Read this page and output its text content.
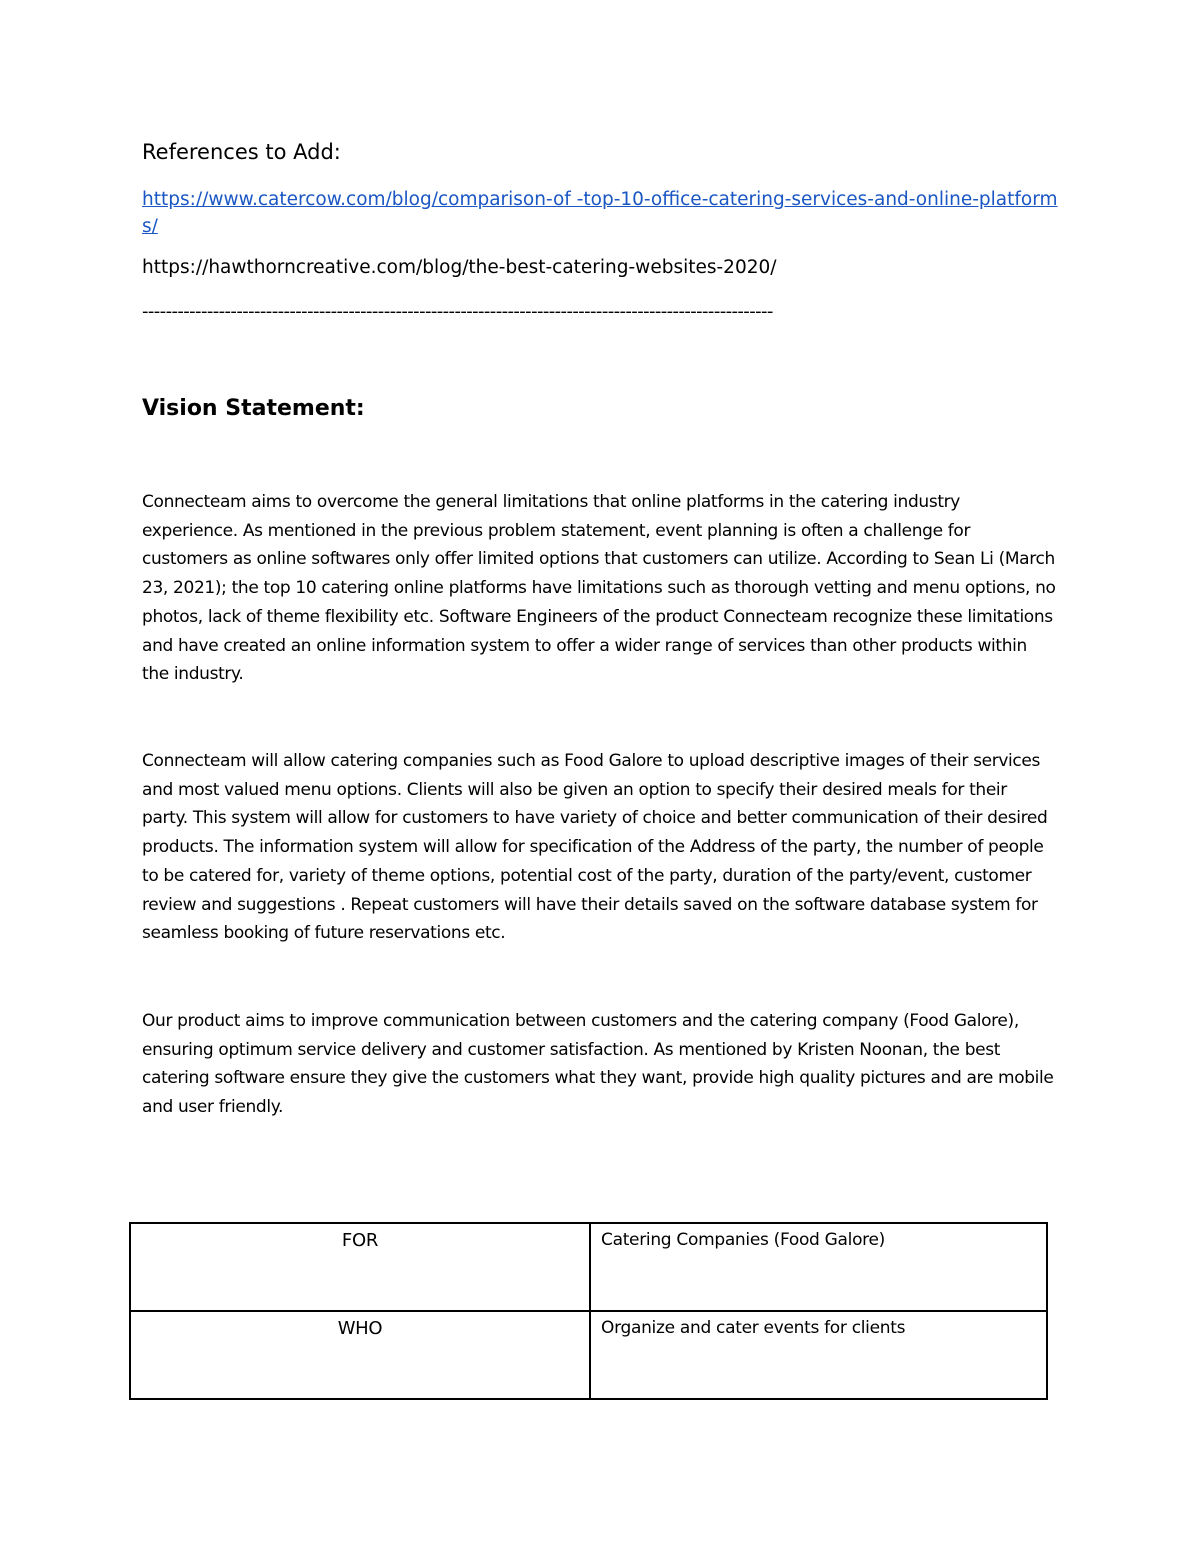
References to Add:
https://www.catercow.com/blog/comparison-of -top-10-office-catering-services-and-online-platforms/
https://hawthorncreative.com/blog/the-best-catering-websites-2020/
-----------------------------------------------------------------------------------------------------------
Vision Statement:

Connecteam aims to overcome the general limitations that online platforms in the catering industry experience. As mentioned in the previous problem statement, event planning is often a challenge for customers as online softwares only offer limited options that customers can utilize. According to Sean Li (March 23, 2021); the top 10 catering online platforms have limitations such as thorough vetting and menu options, no photos, lack of theme flexibility etc. Software Engineers of the product Connecteam recognize these limitations and have created an online information system to offer a wider range of services than other products within the industry.

Connecteam will allow catering companies such as Food Galore to upload descriptive images of their services and most valued menu options. Clients will also be given an option to specify their desired meals for their party. This system will allow for customers to have variety of choice and better communication of their desired products. The information system will allow for specification of the Address of the party, the number of people to be catered for, variety of theme options, potential cost of the party, duration of the party/event, customer review and suggestions . Repeat customers will have their details saved on the software database system for seamless booking of future reservations etc.

Our product aims to improve communication between customers and the catering company (Food Galore), ensuring optimum service delivery and customer satisfaction. As mentioned by Kristen Noonan, the best catering software ensure they give the customers what they want, provide high quality pictures and are mobile and user friendly.

FOR	Catering Companies (Food Galore)
WHO	Organize and cater events for clients
